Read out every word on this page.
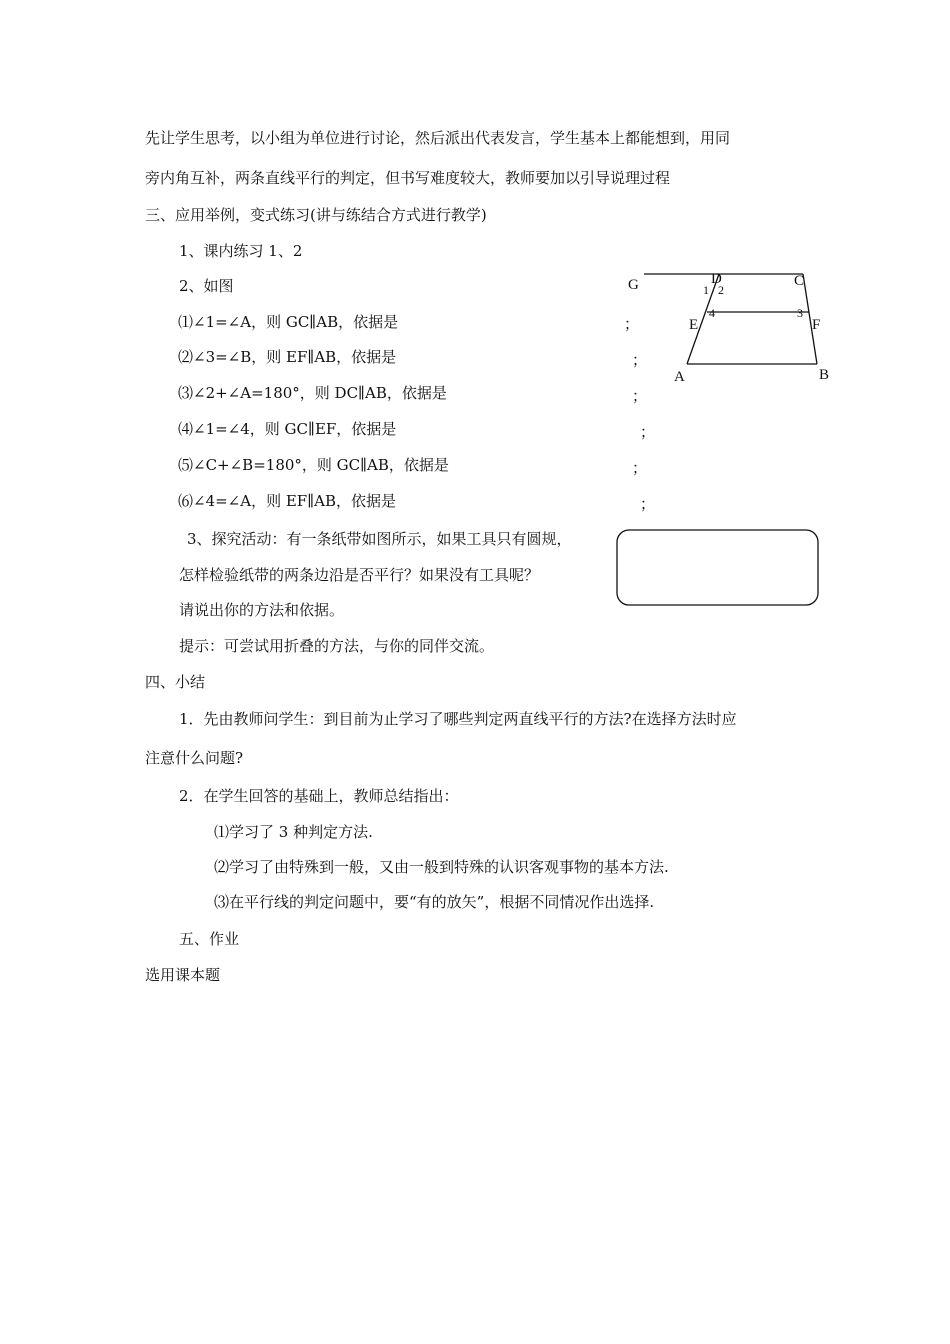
先让学生思考，以小组为单位进行讨论，然后派出代表发言，学生基本上都能想到，用同
旁内角互补，两条直线平行的判定，但书写难度较大，教师要加以引导说理过程
三、应用举例，变式练习(讲与练结合方式进行教学)
1、课内练习 1、2
2、如图
⑴∠1=∠A，则 GC∥AB，依据是	；
⑵∠3=∠B，则 EF∥AB，依据是	；
⑶∠2+∠A=180°，则 DC∥AB，依据是	；
⑷∠1=∠4，则 GC∥EF，依据是	；
⑸∠C+∠B=180°，则 GC∥AB，依据是	；
⑹∠4=∠A，则 EF∥AB，依据是	；
G	D	C
1 2
4	3
E	F
A	B
3、探究活动：有一条纸带如图所示，如果工具只有圆规，
怎样检验纸带的两条边沿是否平行？如果没有工具呢？
请说出你的方法和依据。
提示：可尝试用折叠的方法，与你的同伴交流。
四、小结
1．先由教师问学生：到目前为止学习了哪些判定两直线平行的方法?在选择方法时应
注意什么问题?
2．在学生回答的基础上，教师总结指出：
⑴学习了 3 种判定方法.
⑵学习了由特殊到一般，又由一般到特殊的认识客观事物的基本方法.
⑶在平行线的判定问题中，要“有的放矢”，根据不同情况作出选择.
五、作业
选用课本题
